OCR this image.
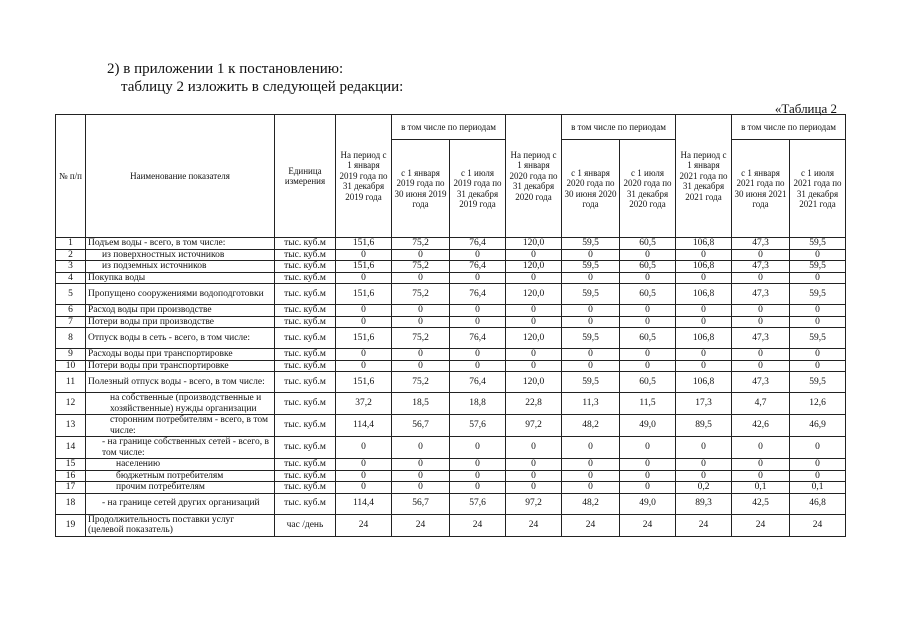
2) в приложении 1 к постановлению:
таблицу 2 изложить в следующей редакции:
«Таблица 2
№ п/п	Наименование показателя	Единица измерения	На период с 1 января 2019 года по 31 декабря 2019 года	в том числе по периодам		На период с 1 января 2020 года по 31 декабря 2020 года	в том числе по периодам		На период с 1 января 2021 года по 31 декабря 2021 года	в том числе по периодам	
				с 1 января 2019 года по 30 июня 2019 года	с 1 июля 2019 года по 31 декабря 2019 года		с 1 января 2020 года по 30 июня 2020 года	с 1 июля 2020 года по 31 декабря 2020 года		с 1 января 2021 года по 30 июня 2021 года	с 1 июля 2021 года по 31 декабря 2021 года
1	Подъем воды - всего, в том числе:	тыс. куб.м	151,6	75,2	76,4	120,0	59,5	60,5	106,8	47,3	59,5
2	из поверхностных источников	тыс. куб.м	0	0	0	0	0	0	0	0	0
3	из подземных источников	тыс. куб.м	151,6	75,2	76,4	120,0	59,5	60,5	106,8	47,3	59,5
4	Покупка воды	тыс. куб.м	0	0	0	0	0	0	0	0	0
5	Пропущено сооружениями водоподготовки	тыс. куб.м	151,6	75,2	76,4	120,0	59,5	60,5	106,8	47,3	59,5
6	Расход воды при производстве	тыс. куб.м	0	0	0	0	0	0	0	0	0
7	Потери воды при производстве	тыс. куб.м	0	0	0	0	0	0	0	0	0
8	Отпуск воды в сеть - всего, в том числе:	тыс. куб.м	151,6	75,2	76,4	120,0	59,5	60,5	106,8	47,3	59,5
9	Расходы воды при транспортировке	тыс. куб.м	0	0	0	0	0	0	0	0	0
10	Потери воды при транспортировке	тыс. куб.м	0	0	0	0	0	0	0	0	0
11	Полезный отпуск воды - всего, в том числе:	тыс. куб.м	151,6	75,2	76,4	120,0	59,5	60,5	106,8	47,3	59,5
12	на собственные (производственные и хозяйственные) нужды организации	тыс. куб.м	37,2	18,5	18,8	22,8	11,3	11,5	17,3	4,7	12,6
13	сторонним потребителям - всего, в том числе:	тыс. куб.м	114,4	56,7	57,6	97,2	48,2	49,0	89,5	42,6	46,9
14	- на границе собственных сетей - всего, в том числе:	тыс. куб.м	0	0	0	0	0	0	0	0	0
15	населению	тыс. куб.м	0	0	0	0	0	0	0	0	0
16	бюджетным потребителям	тыс. куб.м	0	0	0	0	0	0	0	0	0
17	прочим потребителям	тыс. куб.м	0	0	0	0	0	0	0,2	0,1	0,1
18	- на границе сетей других организаций	тыс. куб.м	114,4	56,7	57,6	97,2	48,2	49,0	89,3	42,5	46,8
19	Продолжительность поставки услуг (целевой показатель)	час /день	24	24	24	24	24	24	24	24	24
